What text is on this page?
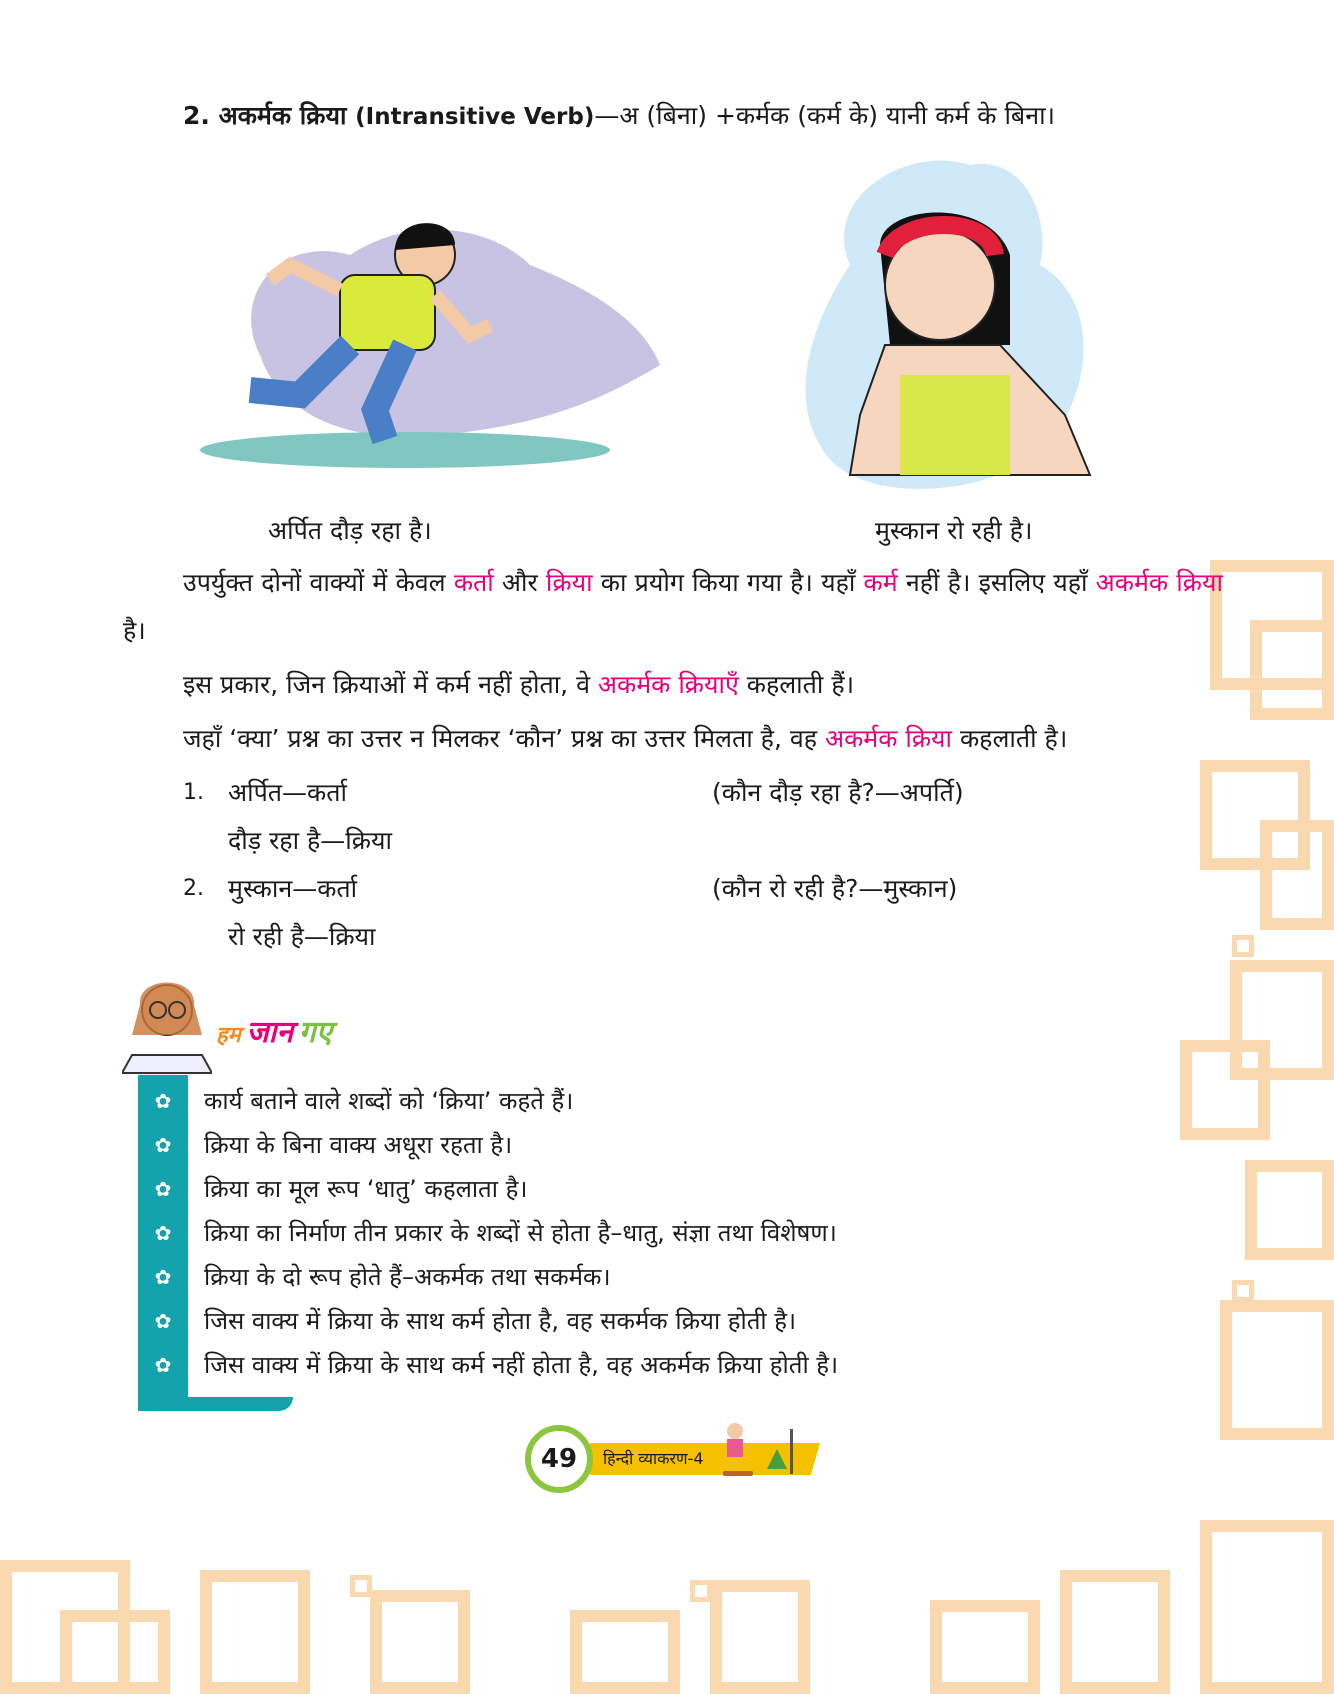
2. अकर्मक क्रिया (Intransitive Verb)—अ (बिना) +कर्मक (कर्म के) यानी कर्म के बिना।
अर्पित दौड़ रहा है।	मुस्कान रो रही है।
उपर्युक्त दोनों वाक्यों में केवल कर्ता और क्रिया का प्रयोग किया गया है। यहाँ कर्म नहीं है। इसलिए यहाँ अकर्मक क्रिया है।
इस प्रकार, जिन क्रियाओं में कर्म नहीं होता, वे अकर्मक क्रियाएँ कहलाती हैं।
जहाँ ‘क्या’ प्रश्न का उत्तर न मिलकर ‘कौन’ प्रश्न का उत्तर मिलता है, वह अकर्मक क्रिया कहलाती है।
1. अर्पित—कर्ता
दौड़ रहा है—क्रिया
(कौन दौड़ रहा है?—अपर्ति)
2. मुस्कान—कर्ता
रो रही है—क्रिया
(कौन रो रही है?—मुस्कान)
हम जान गए
✿	कार्य बताने वाले शब्दों को ‘क्रिया’ कहते हैं।
✿	क्रिया के बिना वाक्य अधूरा रहता है।
✿	क्रिया का मूल रूप ‘धातु’ कहलाता है।
✿	क्रिया का निर्माण तीन प्रकार के शब्दों से होता है–धातु, संज्ञा तथा विशेषण।
✿	क्रिया के दो रूप होते हैं–अकर्मक तथा सकर्मक।
✿	जिस वाक्य में क्रिया के साथ कर्म होता है, वह सकर्मक क्रिया होती है।
✿	जिस वाक्य में क्रिया के साथ कर्म नहीं होता है, वह अकर्मक क्रिया होती है।
हिन्दी व्याकरण-4
49
